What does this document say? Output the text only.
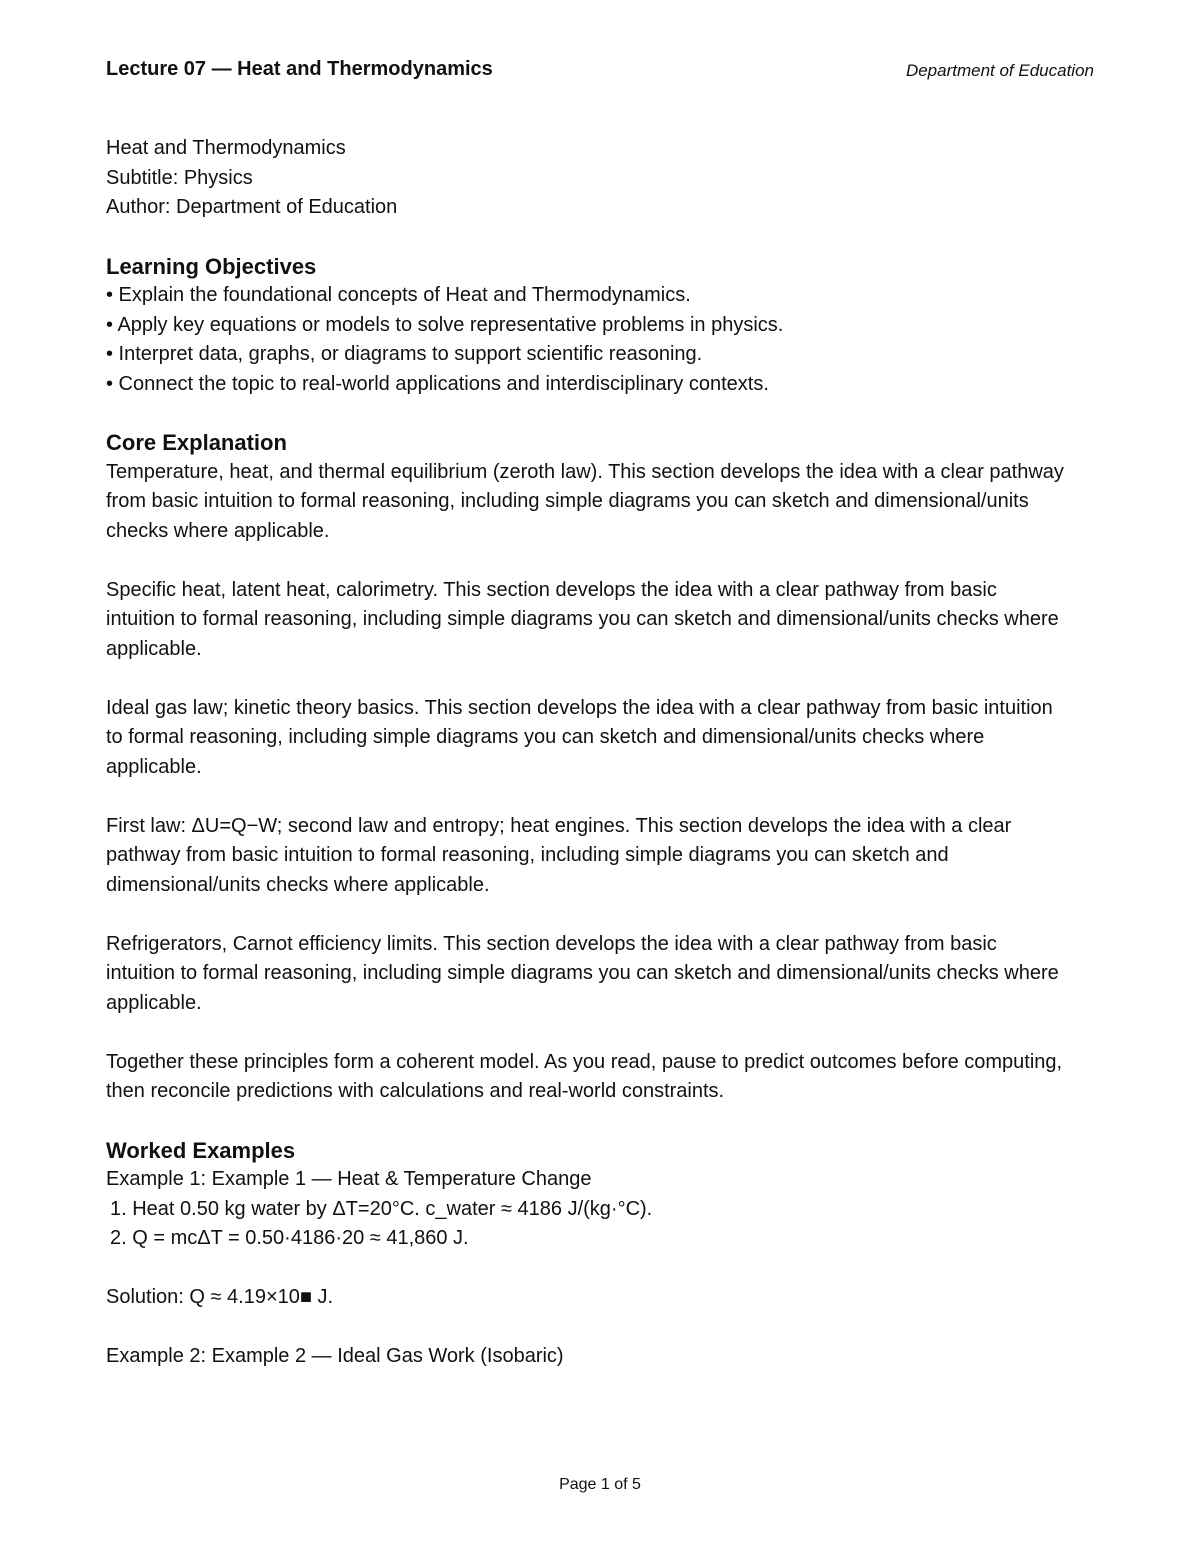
Lecture 07 — Heat and Thermodynamics	Department of Education

Heat and Thermodynamics

Subtitle: Physics

Author: Department of Education

Learning Objectives
• Explain the foundational concepts of Heat and Thermodynamics.
• Apply key equations or models to solve representative problems in physics.
• Interpret data, graphs, or diagrams to support scientific reasoning.
• Connect the topic to real-world applications and interdisciplinary contexts.
Core Explanation

Temperature, heat, and thermal equilibrium (zeroth law). This section develops the idea with a clear pathway from basic intuition to formal reasoning, including simple diagrams you can sketch and dimensional/units checks where applicable.

Specific heat, latent heat, calorimetry. This section develops the idea with a clear pathway from basic intuition to formal reasoning, including simple diagrams you can sketch and dimensional/units checks where applicable.

Ideal gas law; kinetic theory basics. This section develops the idea with a clear pathway from basic intuition to formal reasoning, including simple diagrams you can sketch and dimensional/units checks where applicable.

First law: ΔU=Q−W; second law and entropy; heat engines. This section develops the idea with a clear pathway from basic intuition to formal reasoning, including simple diagrams you can sketch and dimensional/units checks where applicable.

Refrigerators, Carnot efficiency limits. This section develops the idea with a clear pathway from basic intuition to formal reasoning, including simple diagrams you can sketch and dimensional/units checks where applicable.

Together these principles form a coherent model. As you read, pause to predict outcomes before computing, then reconcile predictions with calculations and real-world constraints.

Worked Examples

Example 1: Example 1 — Heat & Temperature Change

1. Heat 0.50 kg water by ΔT=20°C. c_water ≈ 4186 J/(kg·°C).

2. Q = mcΔT = 0.50·4186·20 ≈ 41,860 J.

Solution: Q ≈ 4.19×10■ J.

Example 2: Example 2 — Ideal Gas Work (Isobaric)

Page 1 of 5
